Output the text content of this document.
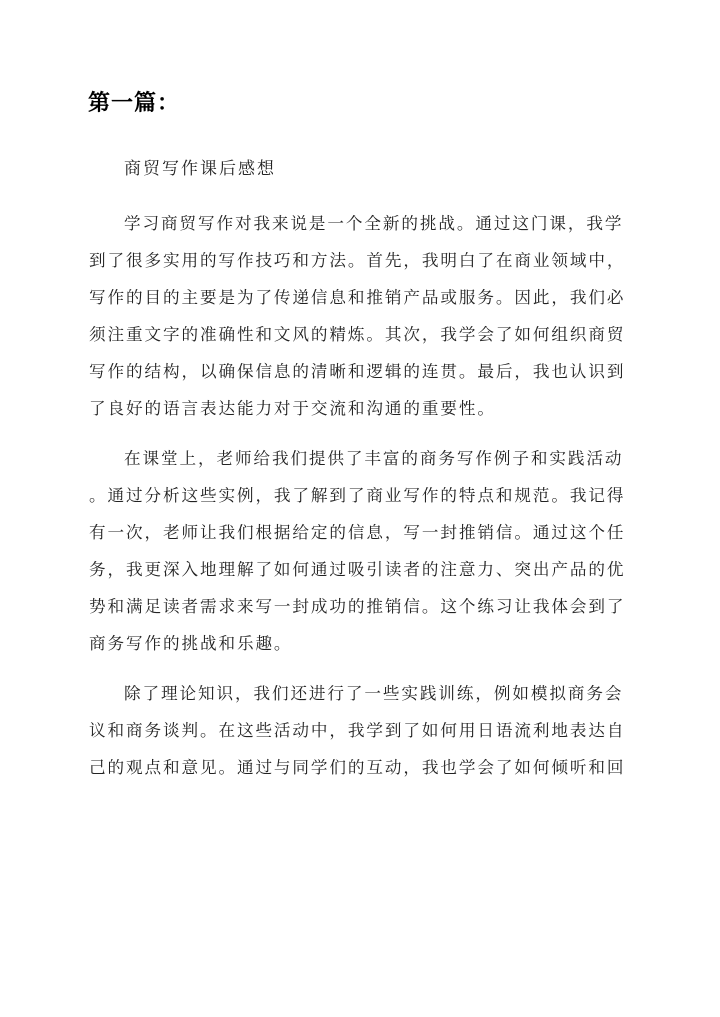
第一篇：

商贸写作课后感想

学习商贸写作对我来说是一个全新的挑战。通过这门课，我学
到了很多实用的写作技巧和方法。首先，我明白了在商业领域中，
写作的目的主要是为了传递信息和推销产品或服务。因此，我们必
须注重文字的准确性和文风的精炼。其次，我学会了如何组织商贸
写作的结构，以确保信息的清晰和逻辑的连贯。最后，我也认识到
了良好的语言表达能力对于交流和沟通的重要性。
在课堂上，老师给我们提供了丰富的商务写作例子和实践活动
。通过分析这些实例，我了解到了商业写作的特点和规范。我记得
有一次，老师让我们根据给定的信息，写一封推销信。通过这个任
务，我更深入地理解了如何通过吸引读者的注意力、突出产品的优
势和满足读者需求来写一封成功的推销信。这个练习让我体会到了
商务写作的挑战和乐趣。
除了理论知识，我们还进行了一些实践训练，例如模拟商务会
议和商务谈判。在这些活动中，我学到了如何用日语流利地表达自
己的观点和意见。通过与同学们的互动，我也学会了如何倾听和回
